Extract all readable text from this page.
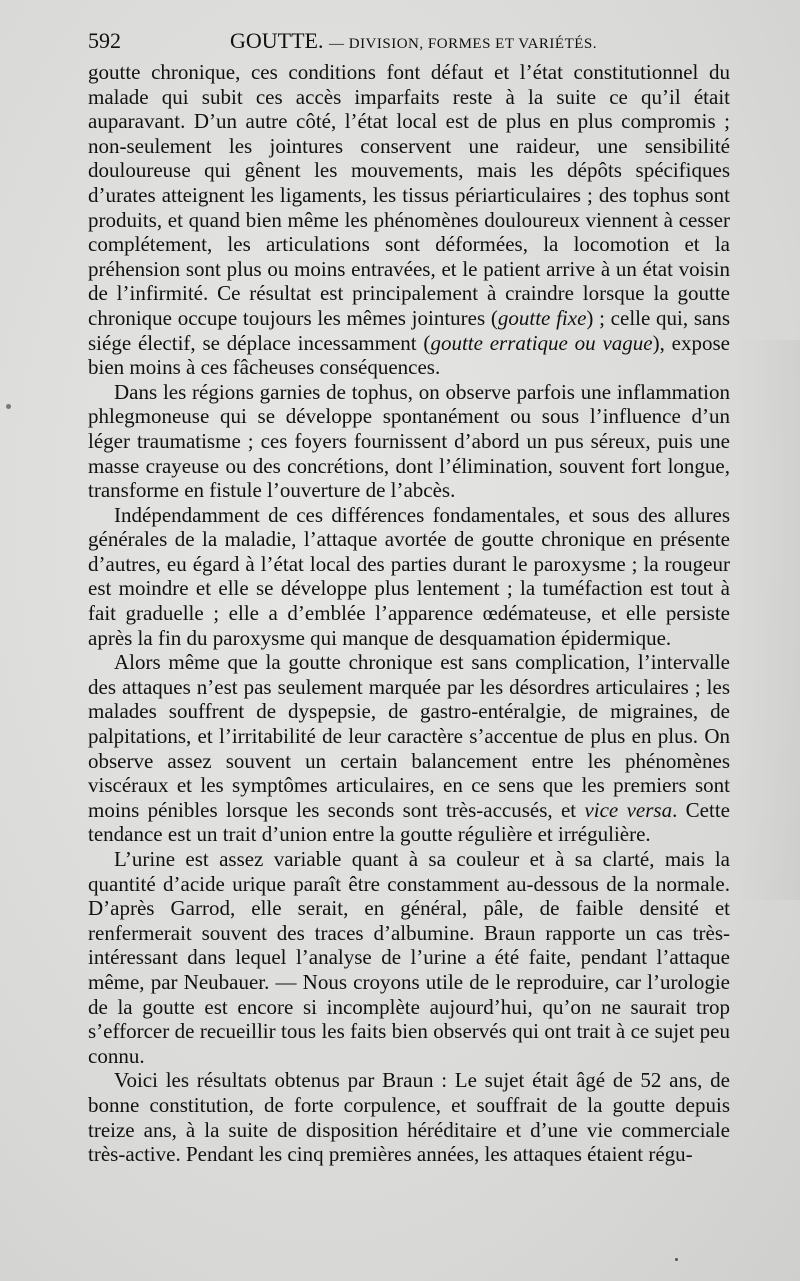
592	GOUTTE. — DIVISION, FORMES ET VARIÉTÉS.

goutte chronique, ces conditions font défaut et l’état constitutionnel du malade qui subit ces accès imparfaits reste à la suite ce qu’il était auparavant. D’un autre côté, l’état local est de plus en plus compromis ; non-seulement les jointures conservent une raideur, une sensibilité douloureuse qui gênent les mouvements, mais les dépôts spécifiques d’urates atteignent les ligaments, les tissus périarticulaires ; des tophus sont produits, et quand bien même les phénomènes douloureux viennent à cesser complétement, les articulations sont déformées, la locomotion et la préhension sont plus ou moins entravées, et le patient arrive à un état voisin de l’infirmité. Ce résultat est principalement à craindre lorsque la goutte chronique occupe toujours les mêmes jointures (goutte fixe) ; celle qui, sans siége électif, se déplace incessamment (goutte erratique ou vague), expose bien moins à ces fâcheuses conséquences.

Dans les régions garnies de tophus, on observe parfois une inflammation phlegmoneuse qui se développe spontanément ou sous l’influence d’un léger traumatisme ; ces foyers fournissent d’abord un pus séreux, puis une masse crayeuse ou des concrétions, dont l’élimination, souvent fort longue, transforme en fistule l’ouverture de l’abcès.

Indépendamment de ces différences fondamentales, et sous des allures générales de la maladie, l’attaque avortée de goutte chronique en présente d’autres, eu égard à l’état local des parties durant le paroxysme ; la rougeur est moindre et elle se développe plus lentement ; la tuméfaction est tout à fait graduelle ; elle a d’emblée l’apparence œdémateuse, et elle persiste après la fin du paroxysme qui manque de desquamation épidermique.

Alors même que la goutte chronique est sans complication, l’intervalle des attaques n’est pas seulement marquée par les désordres articulaires ; les malades souffrent de dyspepsie, de gastro-entéralgie, de migraines, de palpitations, et l’irritabilité de leur caractère s’accentue de plus en plus. On observe assez souvent un certain balancement entre les phénomènes viscéraux et les symptômes articulaires, en ce sens que les premiers sont moins pénibles lorsque les seconds sont très-accusés, et vice versa. Cette tendance est un trait d’union entre la goutte régulière et irrégulière.

L’urine est assez variable quant à sa couleur et à sa clarté, mais la quantité d’acide urique paraît être constamment au-dessous de la normale. D’après Garrod, elle serait, en général, pâle, de faible densité et renfermerait souvent des traces d’albumine. Braun rapporte un cas très-intéressant dans lequel l’analyse de l’urine a été faite, pendant l’attaque même, par Neubauer. — Nous croyons utile de le reproduire, car l’urologie de la goutte est encore si incomplète aujourd’hui, qu’on ne saurait trop s’efforcer de recueillir tous les faits bien observés qui ont trait à ce sujet peu connu.

Voici les résultats obtenus par Braun : Le sujet était âgé de 52 ans, de bonne constitution, de forte corpulence, et souffrait de la goutte depuis treize ans, à la suite de disposition héréditaire et d’une vie commerciale très-active. Pendant les cinq premières années, les attaques étaient régu-
